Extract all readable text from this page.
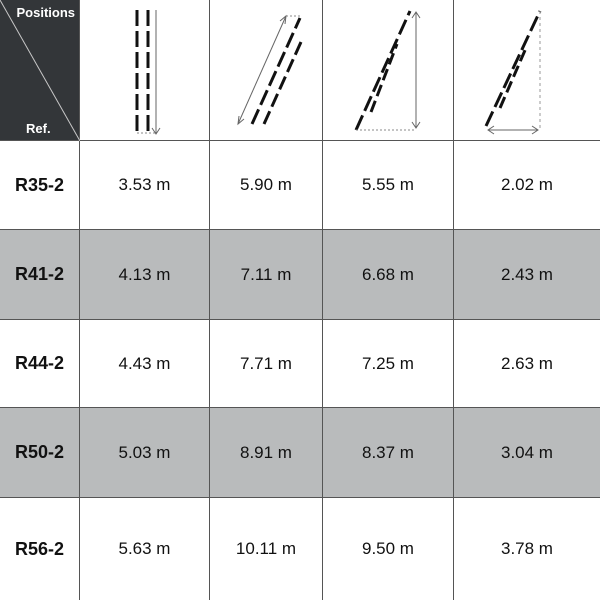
Positions
Ref.
R35-2	3.53 m	5.90 m	5.55 m	2.02 m
R41-2	4.13 m	7.11 m	6.68 m	2.43 m
R44-2	4.43 m	7.71 m	7.25 m	2.63 m
R50-2	5.03 m	8.91 m	8.37 m	3.04 m
R56-2	5.63 m	10.11 m	9.50 m	3.78 m
